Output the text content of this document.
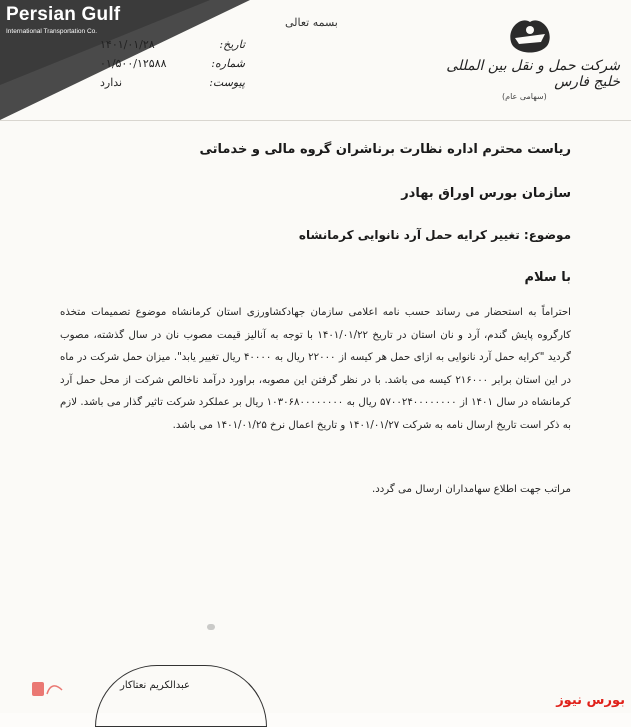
Persian Gulf
International Transportation Co.
بسمه تعالی
شرکت حمل و نقل بین المللی خلیج فارس
(سهامی عام)
تاریخ:
۱۴۰۱/۰۱/۲۸
شماره:
۰۱/۵۰۰/۱۲۵۸۸
پیوست:
ندارد
ریاست محترم اداره نظارت برناشران گروه مالی و خدماتی
سازمان بورس اوراق بهادر
موضوع: تغییر کرایه حمل آرد نانوایی کرمانشاه
با سلام
احتراماً به استحضار می رساند حسب نامه اعلامی سازمان جهادکشاورزی استان کرمانشاه موضوع تصمیمات متخذه کارگروه پایش گندم، آرد و نان استان در تاریخ ۱۴۰۱/۰۱/۲۲ با توجه به آنالیز قیمت مصوب نان در سال گذشته، مصوب گردید "کرایه حمل آرد نانوایی به ازای حمل هر کیسه از ۲۲۰۰۰ ریال به ۴۰۰۰۰ ریال تغییر یابد". میزان حمل شرکت در ماه در این استان برابر ۲۱۶۰۰۰ کیسه می باشد. با در نظر گرفتن این مصوبه، براورد درآمد ناخالص شرکت از محل حمل آرد کرمانشاه در سال ۱۴۰۱ از ۵۷۰۰۲۴۰۰۰۰۰۰۰۰ ریال به ۱۰۳۰۶۸۰۰۰۰۰۰۰۰ ریال بر عملکرد شرکت تاثیر گذار می باشد. لازم به ذکر است تاریخ ارسال نامه به شرکت ۱۴۰۱/۰۱/۲۷ و تاریخ اعمال نرخ ۱۴۰۱/۰۱/۲۵ می باشد.
مراتب جهت اطلاع سهامداران ارسال می گردد.
عبدالکریم نعتاکار
بورس نیوز
